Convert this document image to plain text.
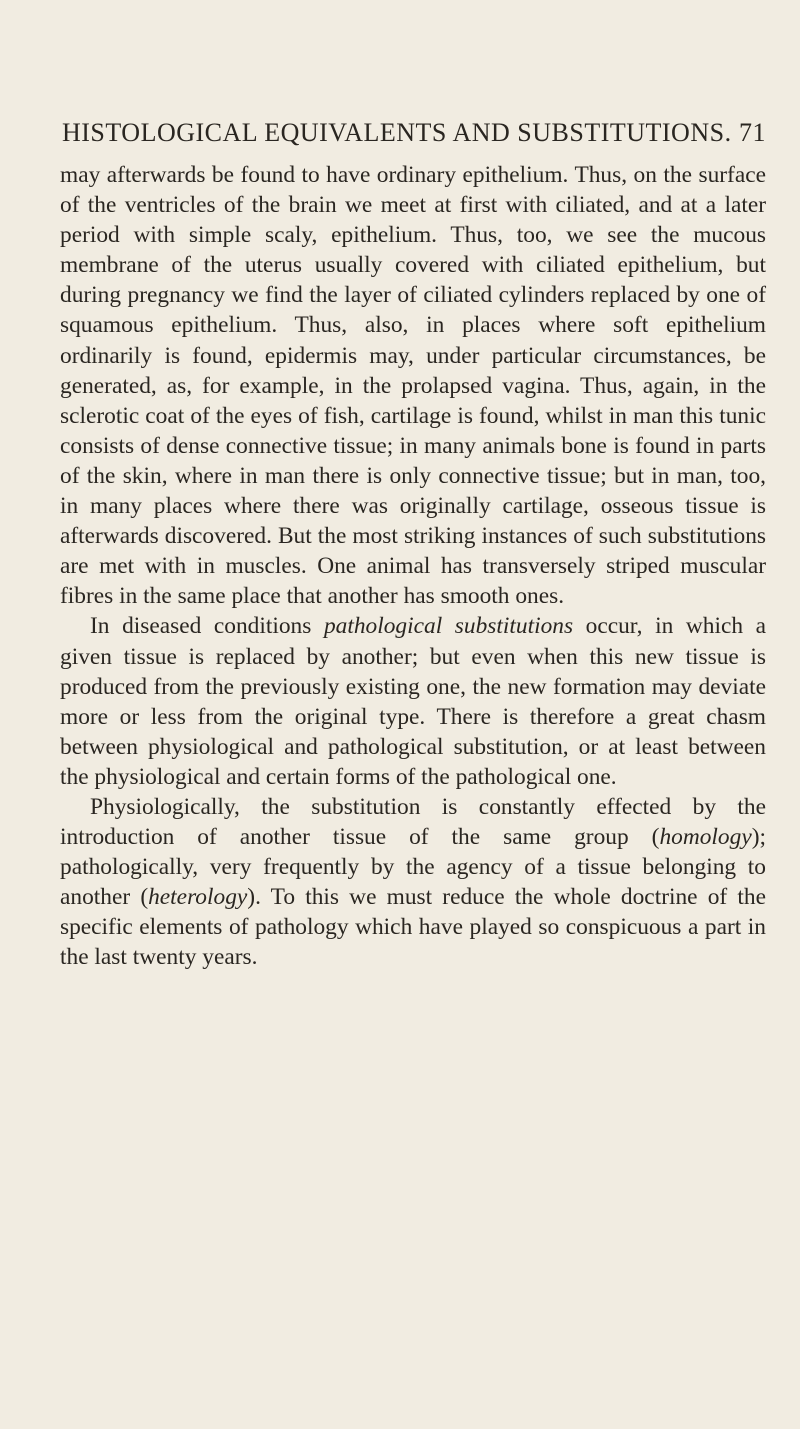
HISTOLOGICAL EQUIVALENTS AND SUBSTITUTIONS. 71

may afterwards be found to have ordinary epithelium. Thus, on the surface of the ventricles of the brain we meet at first with ciliated, and at a later period with simple scaly, epithelium. Thus, too, we see the mucous membrane of the uterus usually covered with ciliated epithelium, but during pregnancy we find the layer of ciliated cylinders replaced by one of squamous epithelium. Thus, also, in places where soft epithelium ordinarily is found, epidermis may, under particular circumstances, be generated, as, for example, in the prolapsed vagina. Thus, again, in the sclerotic coat of the eyes of fish, cartilage is found, whilst in man this tunic consists of dense connective tissue; in many animals bone is found in parts of the skin, where in man there is only connective tissue; but in man, too, in many places where there was originally cartilage, osseous tissue is afterwards discovered. But the most striking instances of such substitutions are met with in muscles. One animal has transversely striped muscular fibres in the same place that another has smooth ones.

In diseased conditions pathological substitutions occur, in which a given tissue is replaced by another; but even when this new tissue is produced from the previously existing one, the new formation may deviate more or less from the original type. There is therefore a great chasm between physiological and pathological substitution, or at least between the physiological and certain forms of the pathological one.

Physiologically, the substitution is constantly effected by the introduction of another tissue of the same group (homology); pathologically, very frequently by the agency of a tissue belonging to another (heterology). To this we must reduce the whole doctrine of the specific elements of pathology which have played so conspicuous a part in the last twenty years.
